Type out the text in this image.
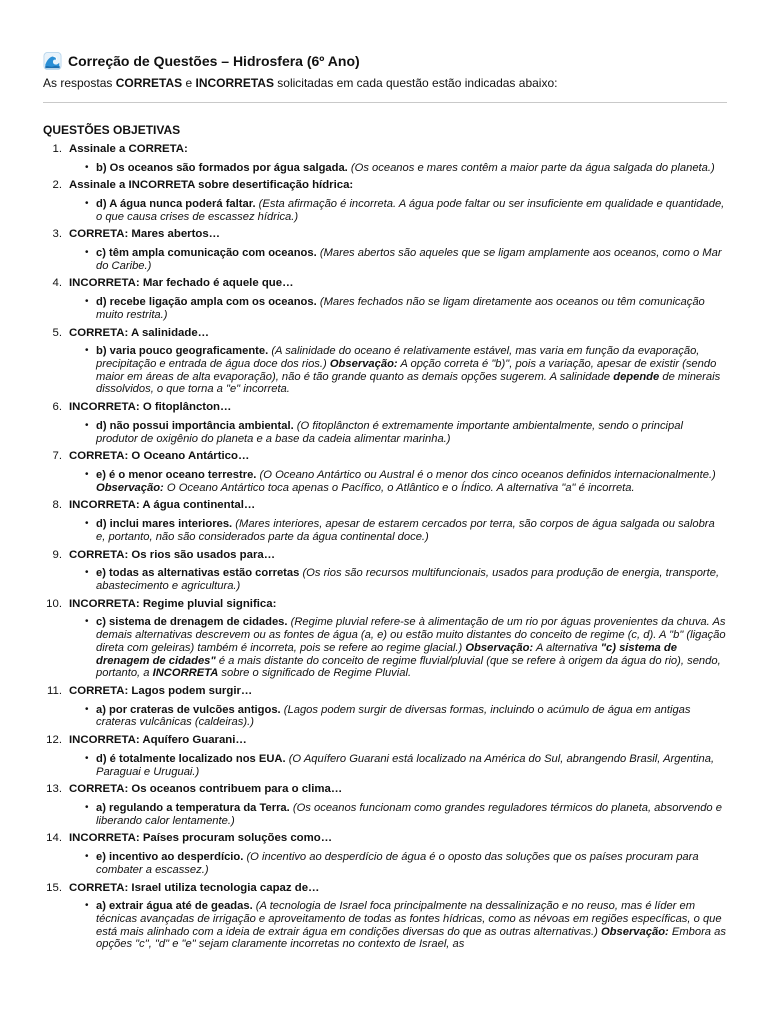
Correção de Questões – Hidrosfera (6º Ano)

As respostas CORRETAS e INCORRETAS solicitadas em cada questão estão indicadas abaixo:

QUESTÕES OBJETIVAS
1. Assinale a CORRETA:
• b) Os oceanos são formados por água salgada. (Os oceanos e mares contêm a maior parte da água salgada do planeta.)
2. Assinale a INCORRETA sobre desertificação hídrica:
• d) A água nunca poderá faltar. (Esta afirmação é incorreta. A água pode faltar ou ser insuficiente em qualidade e quantidade, o que causa crises de escassez hídrica.)
3. CORRETA: Mares abertos…
• c) têm ampla comunicação com oceanos. (Mares abertos são aqueles que se ligam amplamente aos oceanos, como o Mar do Caribe.)
4. INCORRETA: Mar fechado é aquele que…
• d) recebe ligação ampla com os oceanos. (Mares fechados não se ligam diretamente aos oceanos ou têm comunicação muito restrita.)
5. CORRETA: A salinidade…
• b) varia pouco geograficamente. (A salinidade do oceano é relativamente estável, mas varia em função da evaporação, precipitação e entrada de água doce dos rios.) Observação: A opção correta é "b)", pois a variação, apesar de existir (sendo maior em áreas de alta evaporação), não é tão grande quanto as demais opções sugerem. A salinidade depende de minerais dissolvidos, o que torna a "e" incorreta.
6. INCORRETA: O fitoplâncton…
• d) não possui importância ambiental. (O fitoplâncton é extremamente importante ambientalmente, sendo o principal produtor de oxigênio do planeta e a base da cadeia alimentar marinha.)
7. CORRETA: O Oceano Antártico…
• e) é o menor oceano terrestre. (O Oceano Antártico ou Austral é o menor dos cinco oceanos definidos internacionalmente.) Observação: O Oceano Antártico toca apenas o Pacífico, o Atlântico e o Índico. A alternativa "a" é incorreta.
8. INCORRETA: A água continental…
• d) inclui mares interiores. (Mares interiores, apesar de estarem cercados por terra, são corpos de água salgada ou salobra e, portanto, não são considerados parte da água continental doce.)
9. CORRETA: Os rios são usados para…
• e) todas as alternativas estão corretas (Os rios são recursos multifuncionais, usados para produção de energia, transporte, abastecimento e agricultura.)
10. INCORRETA: Regime pluvial significa:
• c) sistema de drenagem de cidades. (Regime pluvial refere-se à alimentação de um rio por águas provenientes da chuva. As demais alternativas descrevem ou as fontes de água (a, e) ou estão muito distantes do conceito de regime (c, d). A "b" (ligação direta com geleiras) também é incorreta, pois se refere ao regime glacial.) Observação: A alternativa "c) sistema de drenagem de cidades" é a mais distante do conceito de regime fluvial/pluvial (que se refere à origem da água do rio), sendo, portanto, a INCORRETA sobre o significado de Regime Pluvial.
11. CORRETA: Lagos podem surgir…
• a) por crateras de vulcões antigos. (Lagos podem surgir de diversas formas, incluindo o acúmulo de água em antigas crateras vulcânicas (caldeiras).)
12. INCORRETA: Aquífero Guarani…
• d) é totalmente localizado nos EUA. (O Aquífero Guarani está localizado na América do Sul, abrangendo Brasil, Argentina, Paraguai e Uruguai.)
13. CORRETA: Os oceanos contribuem para o clima…
• a) regulando a temperatura da Terra. (Os oceanos funcionam como grandes reguladores térmicos do planeta, absorvendo e liberando calor lentamente.)
14. INCORRETA: Países procuram soluções como…
• e) incentivo ao desperdício. (O incentivo ao desperdício de água é o oposto das soluções que os países procuram para combater a escassez.)
15. CORRETA: Israel utiliza tecnologia capaz de…
• a) extrair água até de geadas. (A tecnologia de Israel foca principalmente na dessalinização e no reuso, mas é líder em técnicas avançadas de irrigação e aproveitamento de todas as fontes hídricas, como as névoas em regiões específicas, o que está mais alinhado com a ideia de extrair água em condições diversas do que as outras alternativas.) Observação: Embora as opções "c", "d" e "e" sejam claramente incorretas no contexto de Israel, as
